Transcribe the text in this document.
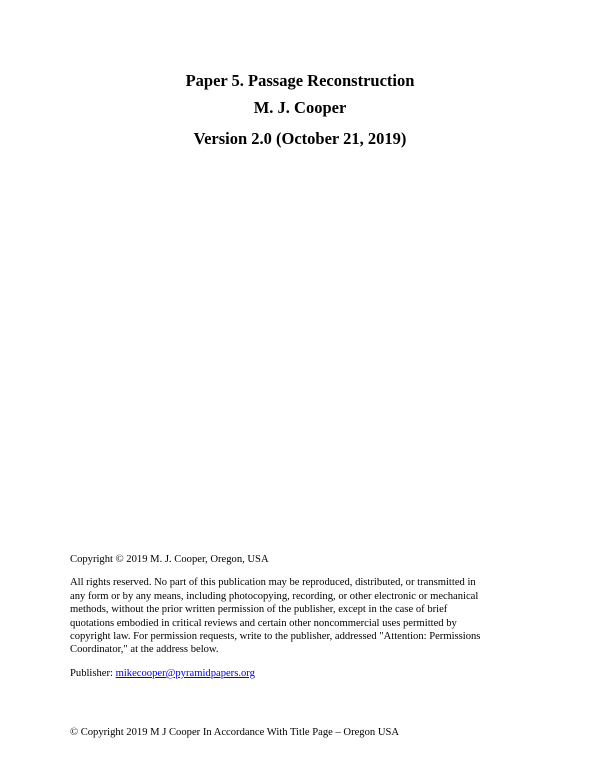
Paper 5. Passage Reconstruction

M. J. Cooper

Version 2.0 (October 21, 2019)

Copyright © 2019 M. J. Cooper, Oregon, USA

All rights reserved. No part of this publication may be reproduced, distributed, or transmitted in
any form or by any means, including photocopying, recording, or other electronic or mechanical
methods, without the prior written permission of the publisher, except in the case of brief
quotations embodied in critical reviews and certain other noncommercial uses permitted by
copyright law. For permission requests, write to the publisher, addressed "Attention: Permissions
Coordinator," at the address below.

Publisher: mikecooper@pyramidpapers.org

© Copyright 2019 M J Cooper In Accordance With Title Page – Oregon USA
